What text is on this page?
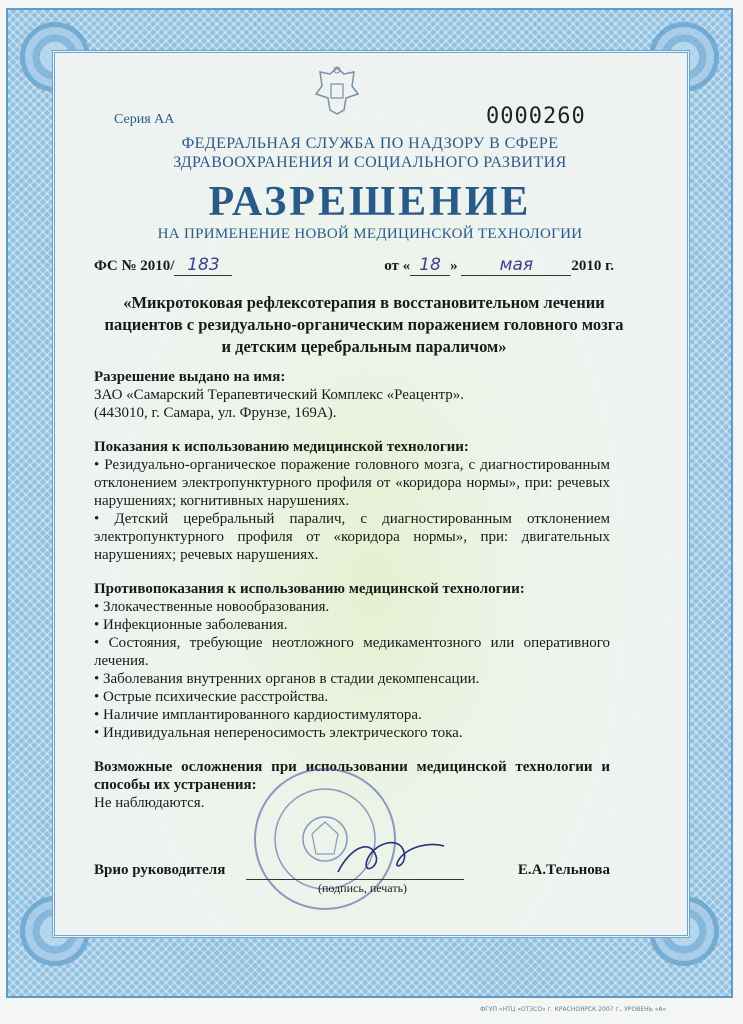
Серия АА	0000260
ФЕДЕРАЛЬНАЯ СЛУЖБА ПО НАДЗОРУ В СФЕРЕ
ЗДРАВООХРАНЕНИЯ И СОЦИАЛЬНОГО РАЗВИТИЯ
РАЗРЕШЕНИЕ
НА ПРИМЕНЕНИЕ НОВОЙ МЕДИЦИНСКОЙ ТЕХНОЛОГИИ
ФС № 2010/ 183	от « 18 » мая	2010 г.
«Микротоковая рефлексотерапия в восстановительном лечении пациентов с резидуально-органическим поражением головного мозга и детским церебральным параличом»

Разрешение выдано на имя:

ЗАО «Самарский Терапевтический Комплекс «Реацентр».

(443010, г. Самара, ул. Фрунзе, 169А).

Показания к использованию медицинской технологии:

• Резидуально-органическое поражение головного мозга, с диагностированным отклонением электропунктурного профиля от «коридора нормы», при: речевых нарушениях; когнитивных нарушениях.

• Детский церебральный паралич, с диагностированным отклонением электропунктурного профиля от «коридора нормы», при: двигательных нарушениях; речевых нарушениях.

Противопоказания к использованию медицинской технологии:

• Злокачественные новообразования.

• Инфекционные заболевания.

• Состояния, требующие неотложного медикаментозного или оперативного лечения.

• Заболевания внутренних органов в стадии декомпенсации.

• Острые психические расстройства.

• Наличие имплантированного кардиостимулятора.

• Индивидуальная непереносимость электрического тока.

Возможные осложнения при использовании медицинской технологии и способы их устранения:

Не наблюдаются.

Врио руководителя	Е.А.Тельнова
(подпись, печать)
ФГУП «НТЦ «ОТЗСО» г. КРАСНОЯРСК 2007 г., УРОВЕНЬ «А»
